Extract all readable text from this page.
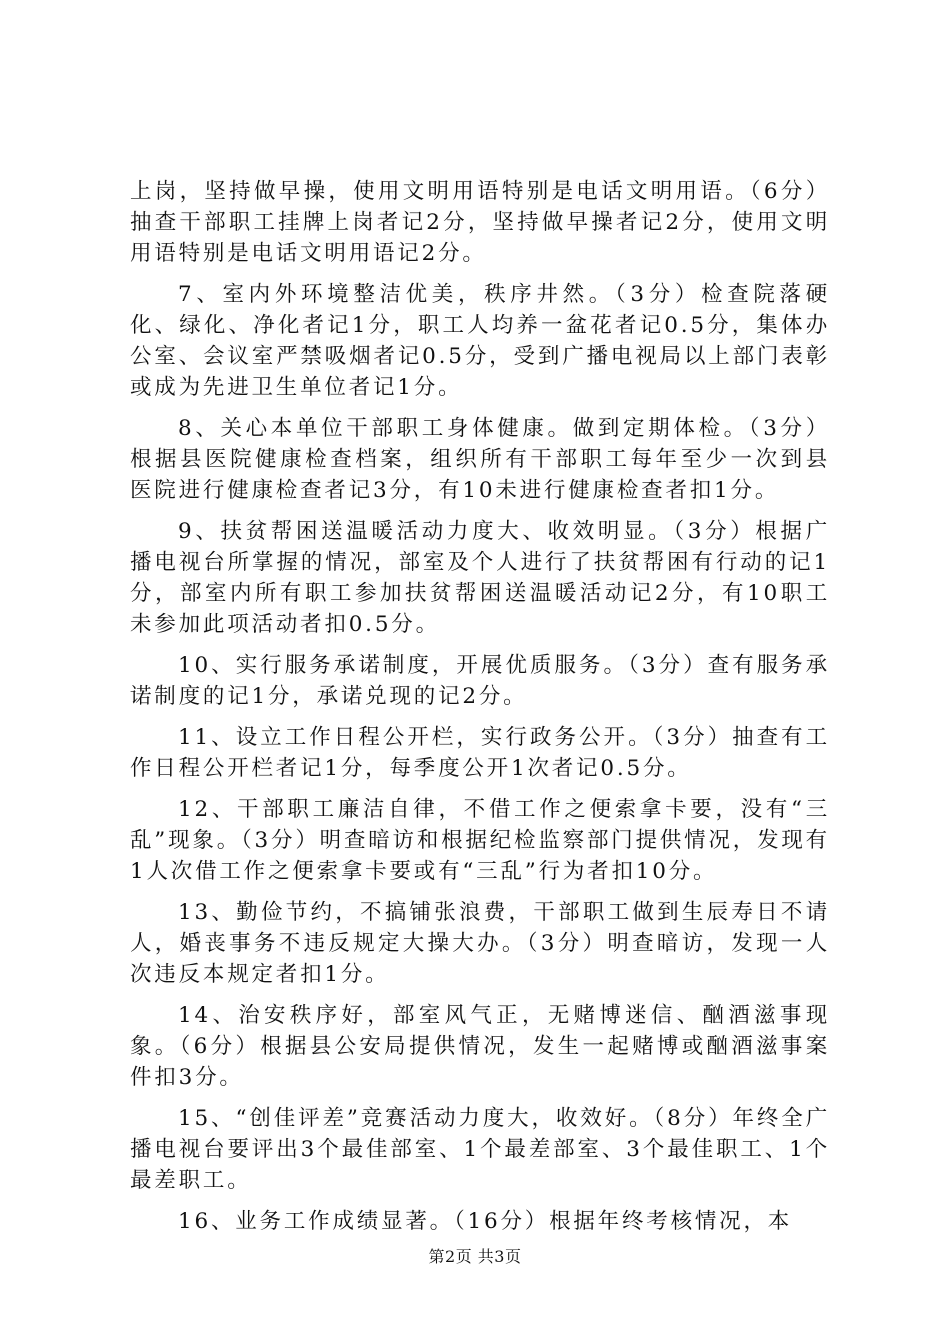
上岗，坚持做早操，使用文明用语特别是电话文明用语。（6分）抽查干部职工挂牌上岗者记2分，坚持做早操者记2分，使用文明用语特别是电话文明用语记2分。

7、室内外环境整洁优美，秩序井然。（3分）检查院落硬化、绿化、净化者记1分，职工人均养一盆花者记0.5分，集体办公室、会议室严禁吸烟者记0.5分，受到广播电视局以上部门表彰或成为先进卫生单位者记1分。

8、关心本单位干部职工身体健康。做到定期体检。（3分）根据县医院健康检查档案，组织所有干部职工每年至少一次到县医院进行健康检查者记3分，有10未进行健康检查者扣1分。

9、扶贫帮困送温暖活动力度大、收效明显。（3分）根据广播电视台所掌握的情况，部室及个人进行了扶贫帮困有行动的记1分，部室内所有职工参加扶贫帮困送温暖活动记2分，有10职工未参加此项活动者扣0.5分。

10、实行服务承诺制度，开展优质服务。（3分）查有服务承诺制度的记1分，承诺兑现的记2分。

11、设立工作日程公开栏，实行政务公开。（3分）抽查有工作日程公开栏者记1分，每季度公开1次者记0.5分。

12、干部职工廉洁自律，不借工作之便索拿卡要，没有“三乱”现象。（3分）明查暗访和根据纪检监察部门提供情况，发现有1人次借工作之便索拿卡要或有“三乱”行为者扣10分。

13、勤俭节约，不搞铺张浪费，干部职工做到生辰寿日不请人，婚丧事务不违反规定大操大办。（3分）明查暗访，发现一人次违反本规定者扣1分。

14、治安秩序好，部室风气正，无赌博迷信、酗酒滋事现象。（6分）根据县公安局提供情况，发生一起赌博或酗酒滋事案件扣3分。

15、“创佳评差”竞赛活动力度大，收效好。（8分）年终全广播电视台要评出3个最佳部室、1个最差部室、3个最佳职工、1个最差职工。

16、业务工作成绩显著。（16分）根据年终考核情况，本

第2页 共3页
